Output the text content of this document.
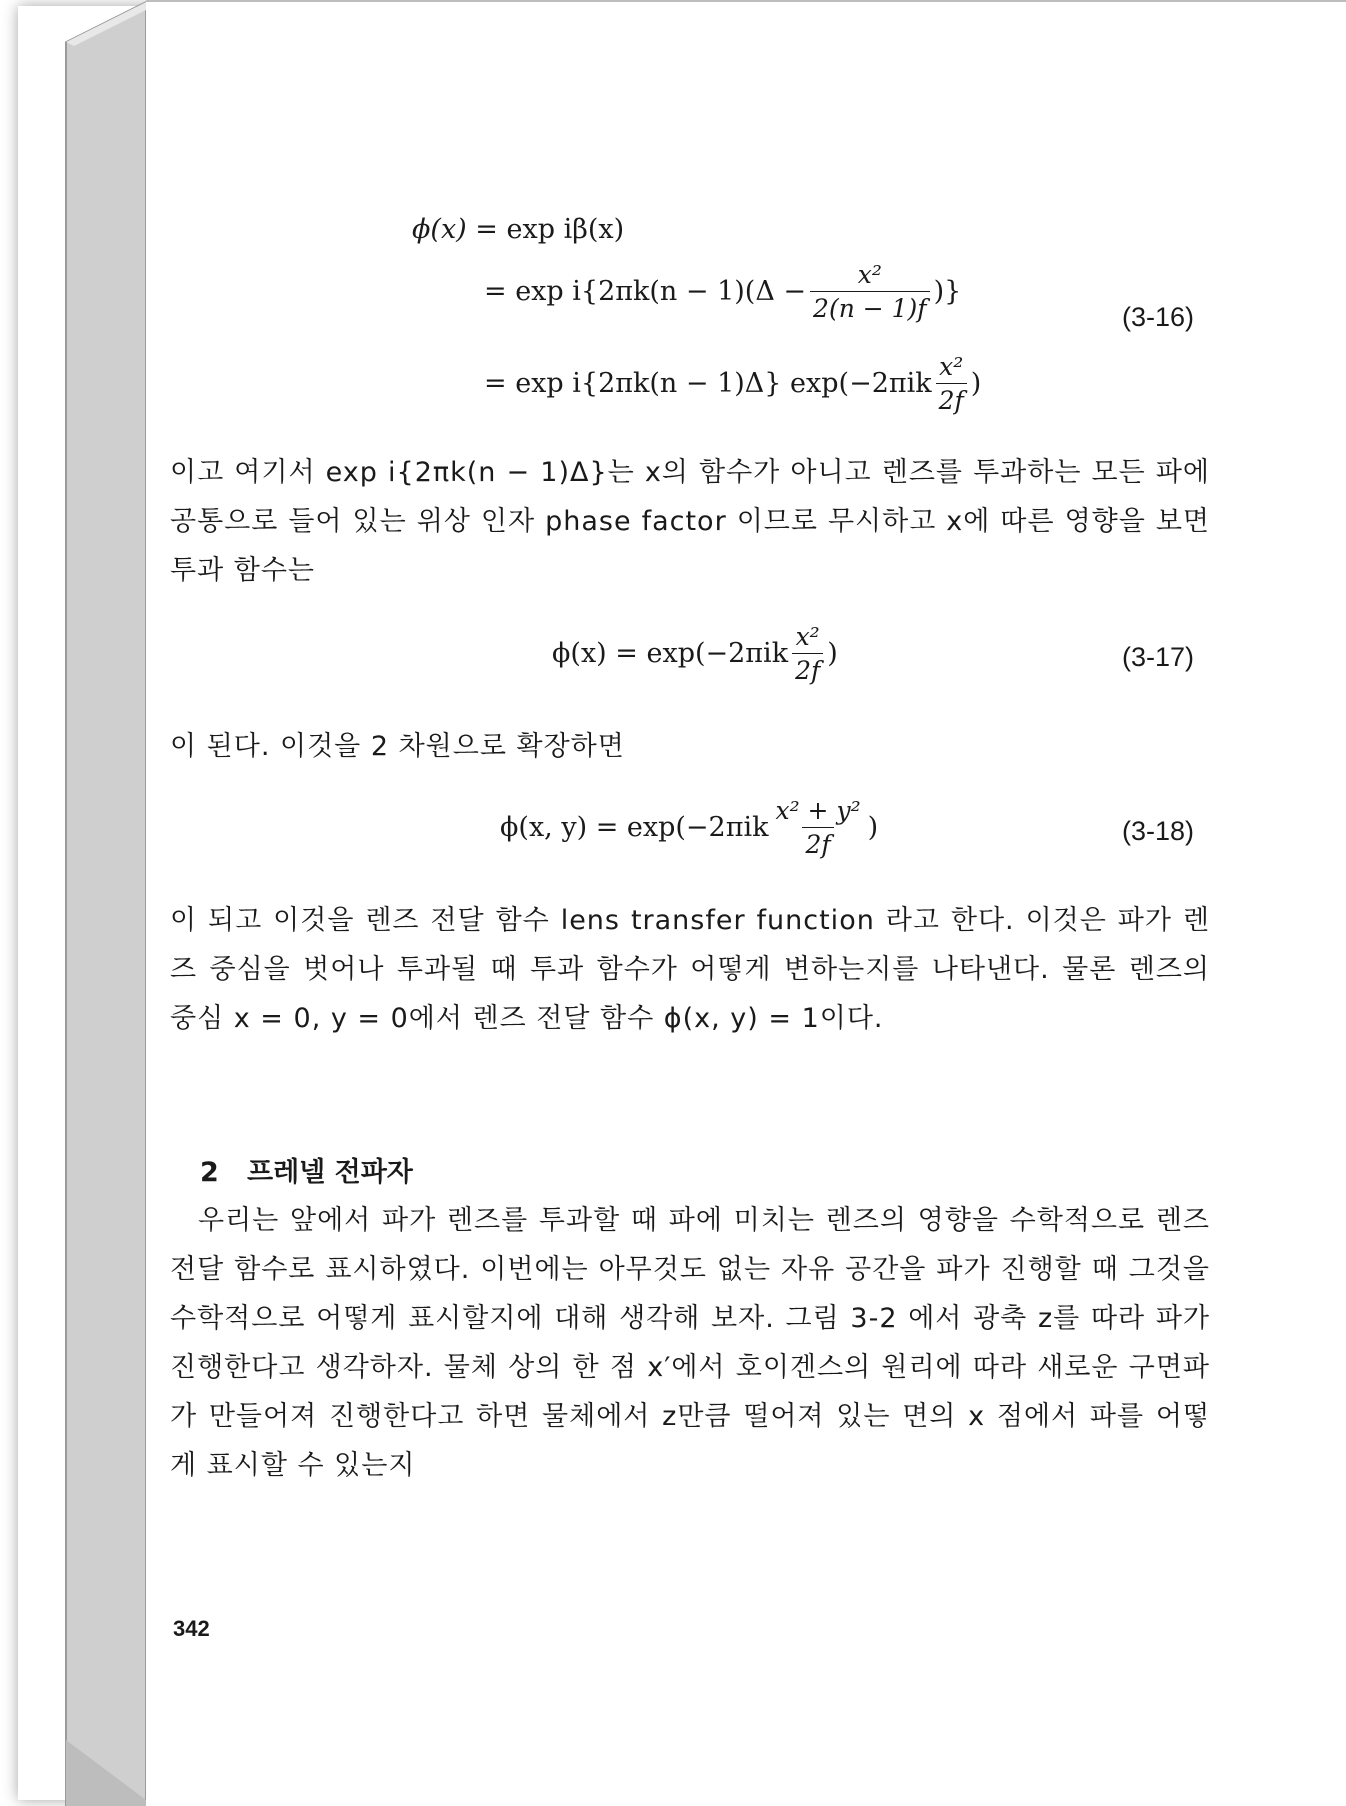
ϕ(x)
= exp iβ(x)
= $\exp i\{2\pi k(n - 1)(\Delta - \frac{\text{x²}}{2(n - 1)f}$ )}
(3-16)
= exp i{2πk(n − 1)Δ} $\exp(-2\pi ik \frac{\text{x²}}{2f}$ )

이고 여기서 exp i{2πk(n − 1)Δ}는 x의 함수가 아니고 렌즈를 투과하는 모든 파에 공통으로 들어 있는 위상 인자 phase factor 이므로 무시하고 x에 따른 영향을 보면 투과 함수는

$\phi(x) = \exp(-2\pi ik \frac{\text{x²}}{2f}$ )	(3-17)

이 된다. 이것을 2 차원으로 확장하면

ϕ(x, $y) = \exp(-2\pi ik \frac{\text{x² + y²}}{2f}$ )	(3-18)

이 되고 이것을 렌즈 전달 함수 lens transfer function 라고 한다. 이것은 파가 렌즈 중심을 벗어나 투과될 때 투과 함수가 어떻게 변하는지를 나타낸다. 물론 렌즈의 중심 x = 0, y = 0에서 렌즈 전달 함수 ϕ(x, y) = 1이다.

2 프레넬 전파자

우리는 앞에서 파가 렌즈를 투과할 때 파에 미치는 렌즈의 영향을 수학적으로 렌즈 전달 함수로 표시하였다. 이번에는 아무것도 없는 자유 공간을 파가 진행할 때 그것을 수학적으로 어떻게 표시할지에 대해 생각해 보자. 그림 3-2 에서 광축 z를 따라 파가 진행한다고 생각하자. 물체 상의 한 점 x′에서 호이겐스의 원리에 따라 새로운 구면파가 만들어져 진행한다고 하면 물체에서 z만큼 떨어져 있는 면의 x 점에서 파를 어떻게 표시할 수 있는지

342
